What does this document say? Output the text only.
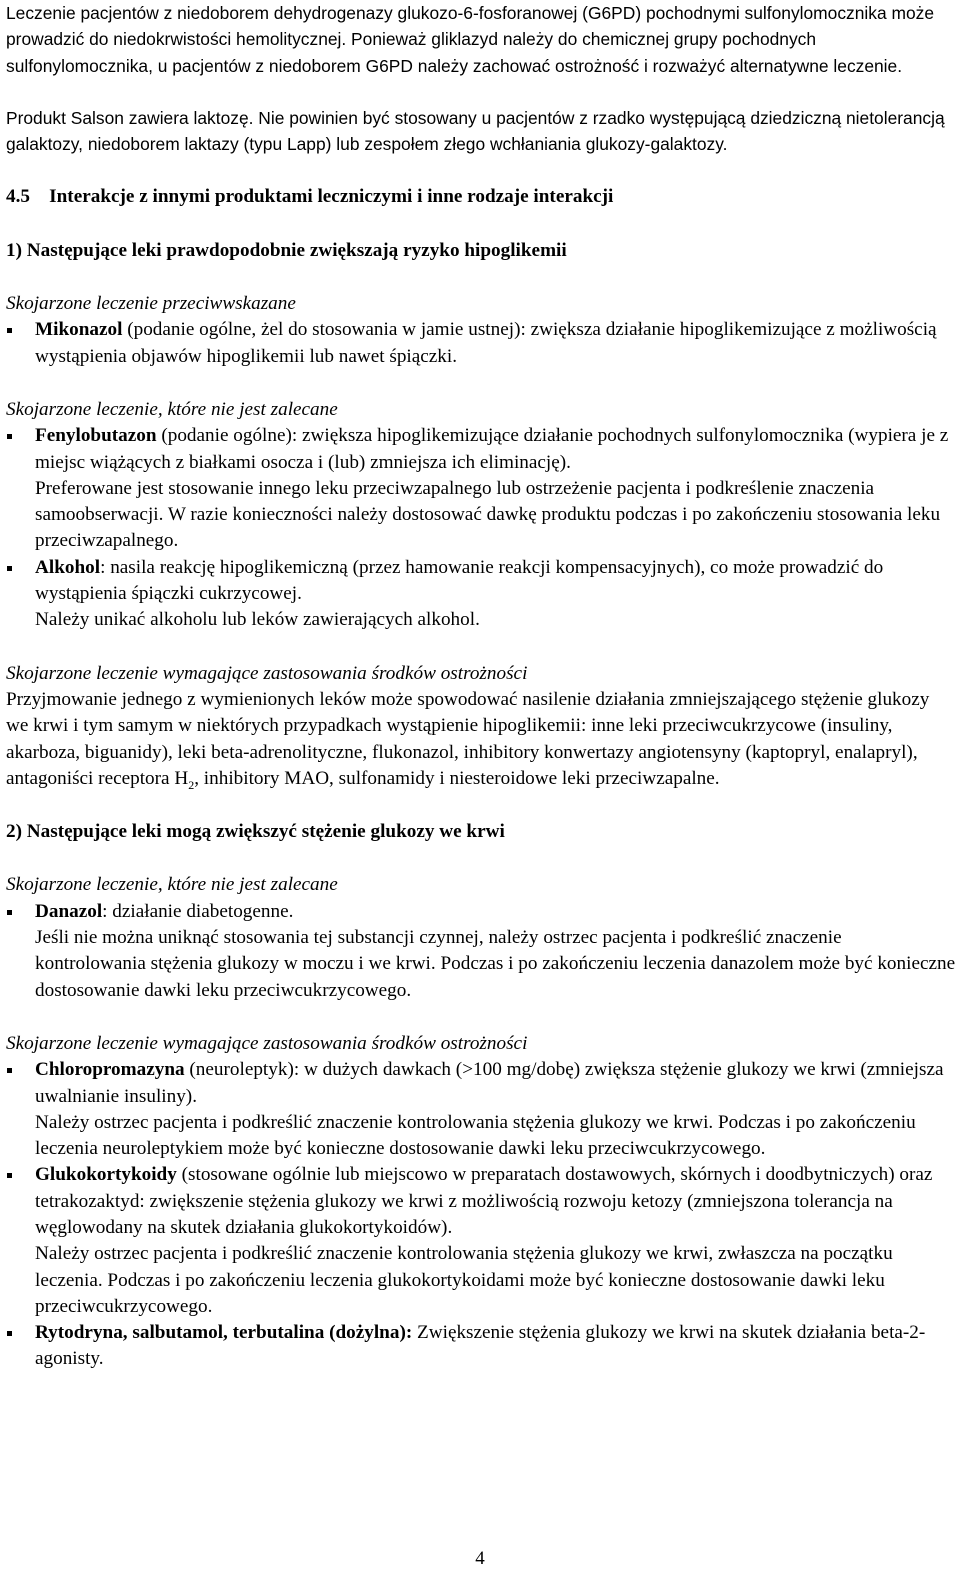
Leczenie pacjentów z niedoborem dehydrogenazy glukozo-6-fosforanowej (G6PD) pochodnymi sulfonylomocznika może prowadzić do niedokrwistości hemolitycznej. Ponieważ gliklazyd należy do chemicznej grupy pochodnych sulfonylomocznika, u pacjentów z niedoborem G6PD należy zachować ostrożność i rozważyć alternatywne leczenie.

Produkt Salson zawiera laktozę. Nie powinien być stosowany u pacjentów z rzadko występującą dziedziczną nietolerancją galaktozy, niedoborem laktazy (typu Lapp) lub zespołem złego wchłaniania glukozy-galaktozy.

4.5 Interakcje z innymi produktami leczniczymi i inne rodzaje interakcji

1) Następujące leki prawdopodobnie zwiększają ryzyko hipoglikemii

Skojarzone leczenie przeciwwskazane

Mikonazol (podanie ogólne, żel do stosowania w jamie ustnej): zwiększa działanie hipoglikemizujące z możliwością wystąpienia objawów hipoglikemii lub nawet śpiączki.

Skojarzone leczenie, które nie jest zalecane

Fenylobutazon (podanie ogólne): zwiększa hipoglikemizujące działanie pochodnych sulfonylomocznika (wypiera je z miejsc wiążących z białkami osocza i (lub) zmniejsza ich eliminację).

Preferowane jest stosowanie innego leku przeciwzapalnego lub ostrzeżenie pacjenta i podkreślenie znaczenia samoobserwacji. W razie konieczności należy dostosować dawkę produktu podczas i po zakończeniu stosowania leku przeciwzapalnego.

Alkohol: nasila reakcję hipoglikemiczną (przez hamowanie reakcji kompensacyjnych), co może prowadzić do wystąpienia śpiączki cukrzycowej.

Należy unikać alkoholu lub leków zawierających alkohol.

Skojarzone leczenie wymagające zastosowania środków ostrożności

Przyjmowanie jednego z wymienionych leków może spowodować nasilenie działania zmniejszającego stężenie glukozy we krwi i tym samym w niektórych przypadkach wystąpienie hipoglikemii: inne leki przeciwcukrzycowe (insuliny, akarboza, biguanidy), leki beta-adrenolityczne, flukonazol, inhibitory konwertazy angiotensyny (kaptopryl, enalapryl), antagoniści receptora $H_2$, inhibitory MAO, sulfonamidy i niesteroidowe leki przeciwzapalne.

2) Następujące leki mogą zwiększyć stężenie glukozy we krwi

Skojarzone leczenie, które nie jest zalecane

Danazol: działanie diabetogenne.

Jeśli nie można uniknąć stosowania tej substancji czynnej, należy ostrzec pacjenta i podkreślić znaczenie kontrolowania stężenia glukozy w moczu i we krwi. Podczas i po zakończeniu leczenia danazolem może być konieczne dostosowanie dawki leku przeciwcukrzycowego.

Skojarzone leczenie wymagające zastosowania środków ostrożności

Chloropromazyna (neuroleptyk): w dużych dawkach (>100 mg/dobę) zwiększa stężenie glukozy we krwi (zmniejsza uwalnianie insuliny).

Należy ostrzec pacjenta i podkreślić znaczenie kontrolowania stężenia glukozy we krwi. Podczas i po zakończeniu leczenia neuroleptykiem może być konieczne dostosowanie dawki leku przeciwcukrzycowego.

Glukokortykoidy (stosowane ogólnie lub miejscowo w preparatach dostawowych, skórnych i doodbytniczych) oraz tetrakozaktyd: zwiększenie stężenia glukozy we krwi z możliwością rozwoju ketozy (zmniejszona tolerancja na węglowodany na skutek działania glukokortykoidów).

Należy ostrzec pacjenta i podkreślić znaczenie kontrolowania stężenia glukozy we krwi, zwłaszcza na początku leczenia. Podczas i po zakończeniu leczenia glukokortykoidami może być konieczne dostosowanie dawki leku przeciwcukrzycowego.

Rytodryna, salbutamol, terbutalina (dożylna): Zwiększenie stężenia glukozy we krwi na skutek działania beta-2-agonisty.
4
